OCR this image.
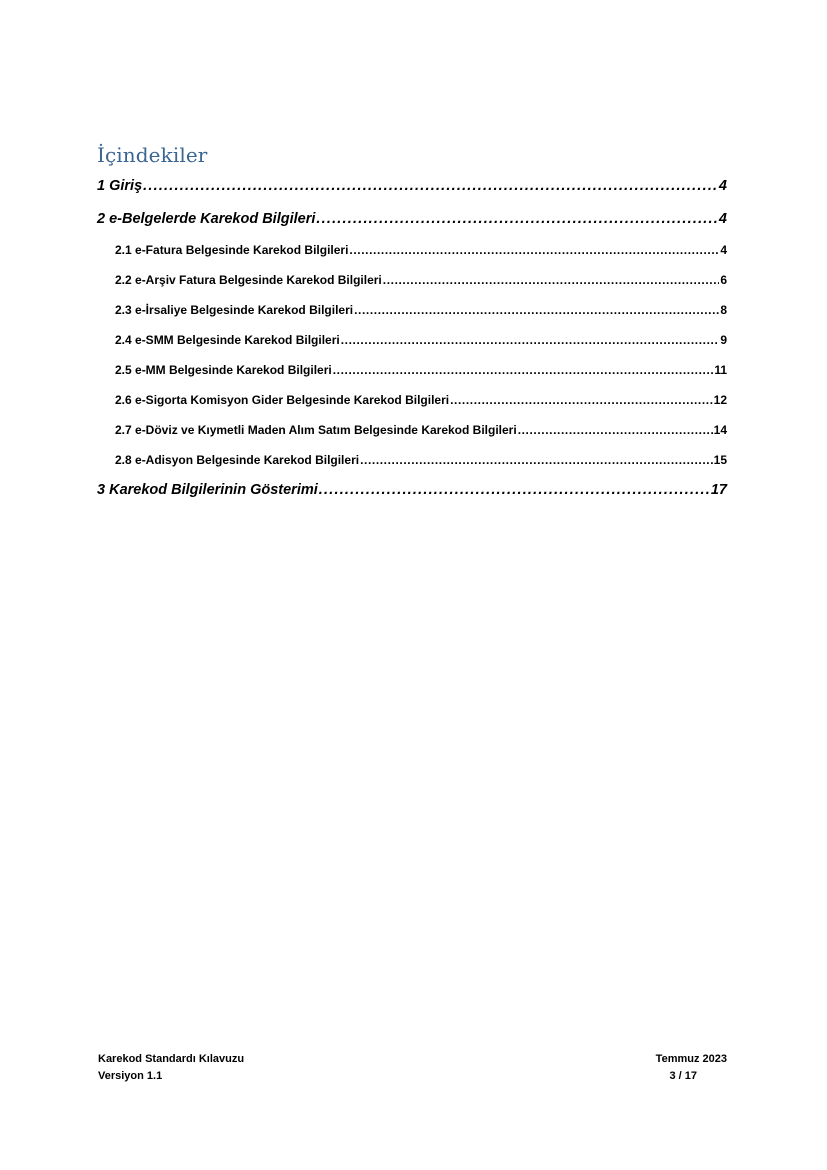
İçindekiler
1 Giriş .....	4
2 e-Belgelerde Karekod Bilgileri .....	4
2.1 e-Fatura Belgesinde Karekod Bilgileri .....	4
2.2 e-Arşiv Fatura Belgesinde Karekod Bilgileri .....	6
2.3 e-İrsaliye Belgesinde Karekod Bilgileri .....	8
2.4 e-SMM Belgesinde Karekod Bilgileri .....	9
2.5 e-MM Belgesinde Karekod Bilgileri .....	11
2.6 e-Sigorta Komisyon Gider Belgesinde Karekod Bilgileri .....	12
2.7 e-Döviz ve Kıymetli Maden Alım Satım Belgesinde Karekod Bilgileri .....	14
2.8 e-Adisyon Belgesinde Karekod Bilgileri .....	15
3 Karekod Bilgilerinin Gösterimi .....	17
Karekod Standardı Kılavuzu
Versiyon 1.1
Temmuz 2023

3 / 17
